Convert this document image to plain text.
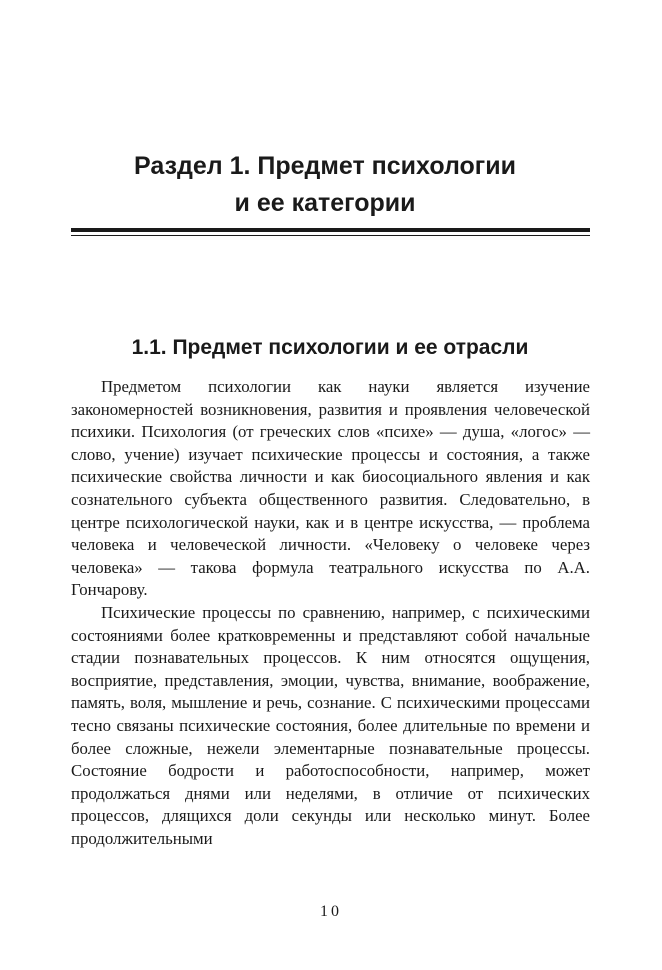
Раздел 1. Предмет психологии
и ее категории
1.1. Предмет психологии и ее отрасли

Предметом психологии как науки является изучение закономерностей возникновения, развития и проявления человеческой психики. Психология (от греческих слов «психе» — душа, «логос» — слово, учение) изучает психические процессы и состояния, а также психические свойства личности и как биосоциального явления и как сознательного субъекта общественного развития. Следовательно, в центре психологической науки, как и в центре искусства, — проблема человека и человеческой личности. «Человеку о человеке через человека» — такова формула театрального искусства по А.А. Гончарову.

Психические процессы по сравнению, например, с психическими состояниями более кратковременны и представляют собой начальные стадии познавательных процессов. К ним относятся ощущения, восприятие, представления, эмоции, чувства, внимание, воображение, память, воля, мышление и речь, сознание. С психическими процессами тесно связаны психические состояния, более длительные по времени и более сложные, нежели элементарные познавательные процессы. Состояние бодрости и работоспособности, например, может продолжаться днями или неделями, в отличие от психических процессов, длящихся доли секунды или несколько минут. Более продолжительными

10
